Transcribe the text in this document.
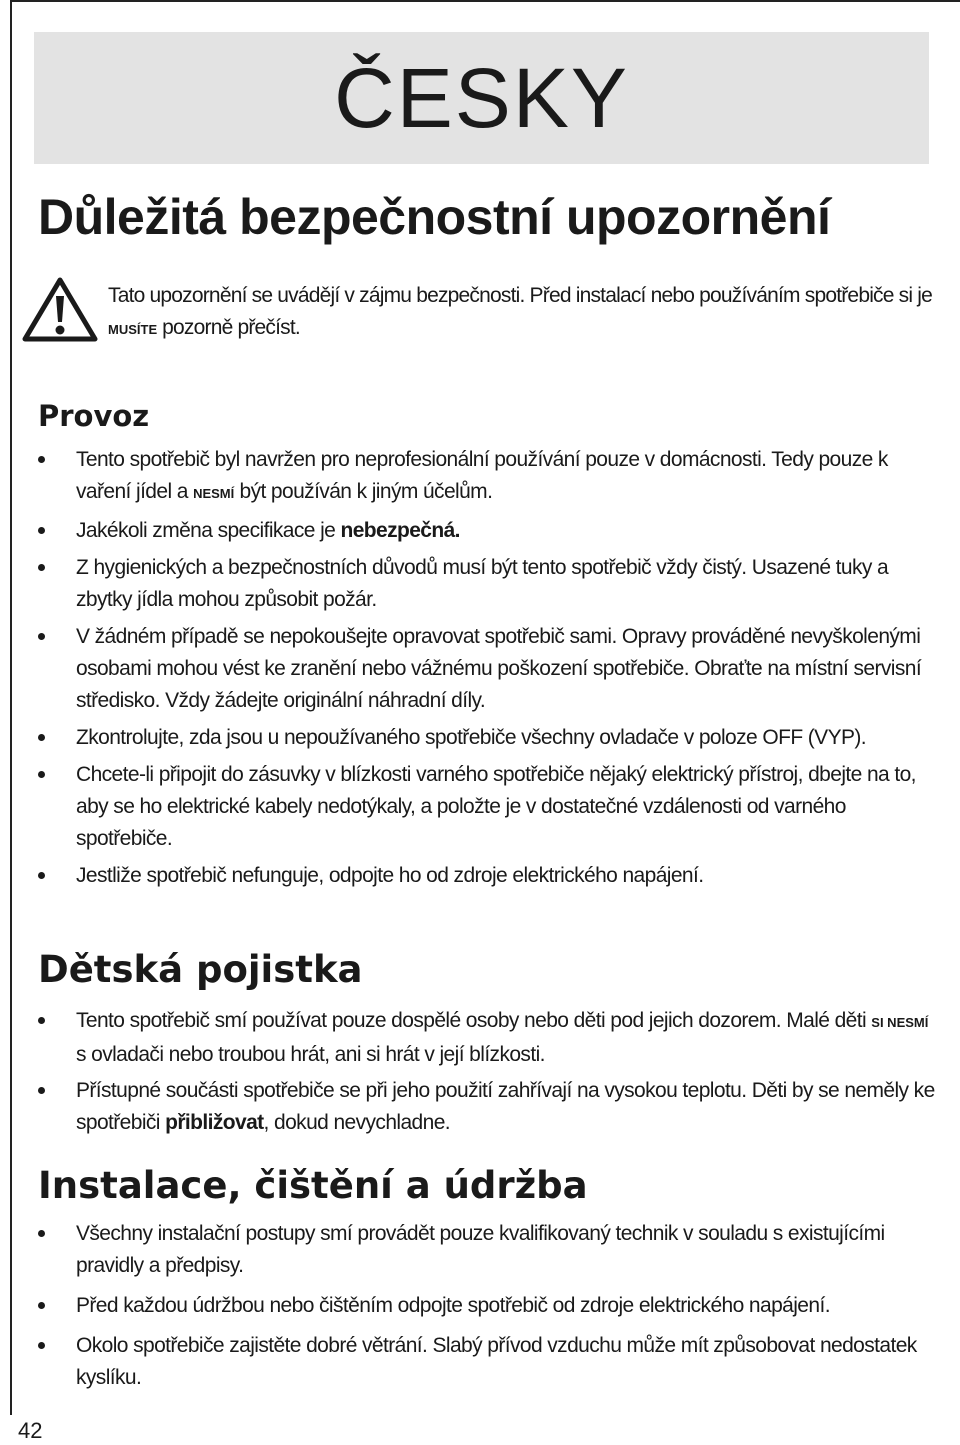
ČESKY
Důležitá bezpečnostní upozornění

Tato upozornění se uvádějí v zájmu bezpečnosti. Před instalací nebo používáním spotřebiče si je MUSÍTE pozorně přečíst.

Provoz
Tento spotřebič byl navržen pro neprofesionální používání pouze v domácnosti. Tedy pouze k vaření jídel a NESMÍ být používán k jiným účelům.
Jakékoli změna specifikace je nebezpečná.
Z hygienických a bezpečnostních důvodů musí být tento spotřebič vždy čistý. Usazené tuky a zbytky jídla mohou způsobit požár.
V žádném případě se nepokoušejte opravovat spotřebič sami. Opravy prováděné nevyškolenými osobami mohou vést ke zranění nebo vážnému poškození spotřebiče. Obraťte na místní servisní středisko. Vždy žádejte originální náhradní díly.
Zkontrolujte, zda jsou u nepoužívaného spotřebiče všechny ovladače v poloze OFF (VYP).
Chcete-li připojit do zásuvky v blízkosti varného spotřebiče nějaký elektrický přístroj, dbejte na to, aby se ho elektrické kabely nedotýkaly, a položte je v dostatečné vzdálenosti od varného spotřebiče.
Jestliže spotřebič nefunguje, odpojte ho od zdroje elektrického napájení.
Dětská pojistka
Tento spotřebič smí používat pouze dospělé osoby nebo děti pod jejich dozorem. Malé děti SI NESMÍ s ovladači nebo troubou hrát, ani si hrát v její blízkosti.
Přístupné součásti spotřebiče se při jeho použití zahřívají na vysokou teplotu. Děti by se neměly ke spotřebiči přibližovat, dokud nevychladne.
Instalace, čištění a údržba
Všechny instalační postupy smí provádět pouze kvalifikovaný technik v souladu s existujícími pravidly a předpisy.
Před každou údržbou nebo čištěním odpojte spotřebič od zdroje elektrického napájení.
Okolo spotřebiče zajistěte dobré větrání. Slabý přívod vzduchu může mít způsobovat nedostatek kyslíku.
42
